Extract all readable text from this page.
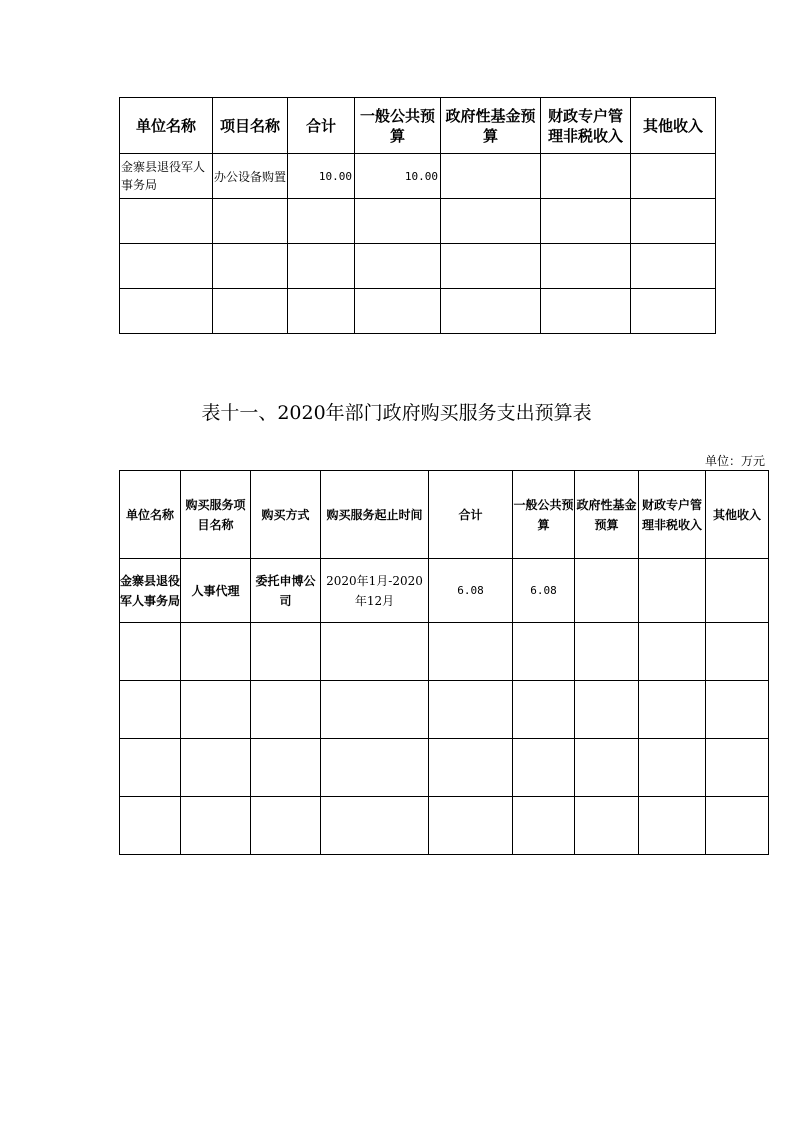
单位名称	项目名称	合计	一般公共预算	政府性基金预算	财政专户管理非税收入	其他收入
金寨县退役军人事务局	办公设备购置	10.00	10.00			

表十一、2020年部门政府购买服务支出预算表
单位：万元
单位名称	购买服务项目名称	购买方式	购买服务起止时间	合计	一般公共预算	政府性基金预算	财政专户管理非税收入	其他收入
金寨县退役军人事务局	人事代理	委托申博公司	2020年1月-2020年12月	6.08	6.08			
